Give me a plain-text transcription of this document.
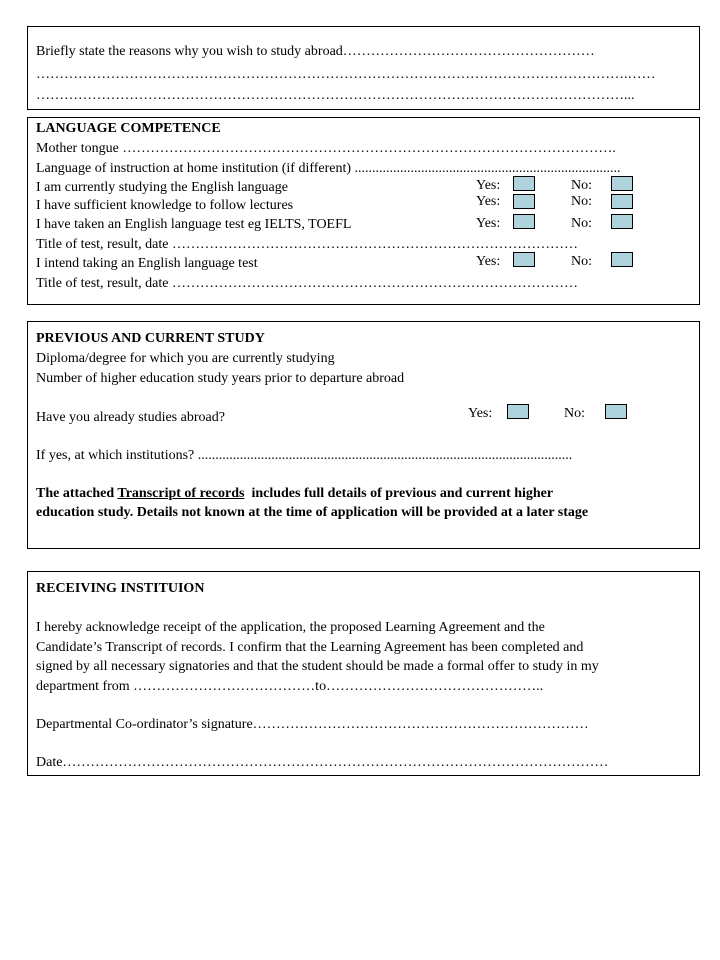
Briefly state the reasons why you wish to study abroad………………………………………………
……………………………………………………………………………………………………………….……
………………………………………………………………………………………………………………...
LANGUAGE COMPETENCE
Mother tongue …………………………………………………………………………………………….
Language of instruction at home institution (if different) ............................................................................
I am currently studying the English language	Yes:	No:
I have sufficient knowledge to follow lectures	Yes:	No:
I have taken an English language test eg IELTS, TOEFL	Yes:	No:
Title of test, result, date ……………………………………………………………………………
I intend taking an English language test	Yes:	No:
Title of test, result, date ……………………………………………………………………………
PREVIOUS AND CURRENT STUDY
Diploma/degree for which you are currently studying
Number of higher education study years prior to departure abroad
Have you already studies abroad?	Yes:	No:
If yes, at which institutions? ...........................................................................................................
The attached Transcript of records  includes full details of previous and current higher
education study. Details not known at the time of application will be provided at a later stage
RECEIVING INSTITUION
I hereby acknowledge receipt of the application, the proposed Learning Agreement and the
Candidate’s Transcript of records. I confirm that the Learning Agreement has been completed and
signed by all necessary signatories and that the student should be made a formal offer to study in my
department from …………………………………to………………………………………..
Departmental Co-ordinator’s signature………………………………………………………………
Date………………………………………………………………………………………………………
